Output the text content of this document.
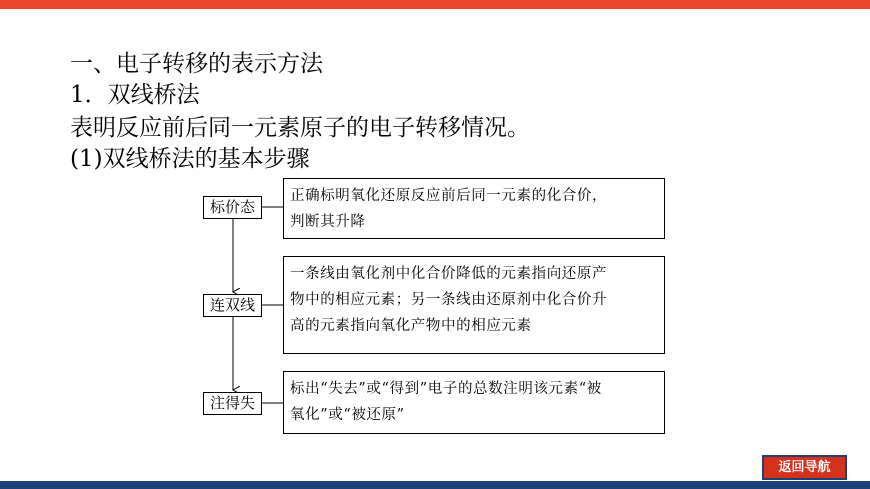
一、电子转移的表示方法
1．双线桥法
表明反应前后同一元素原子的电子转移情况。
(1)双线桥法的基本步骤
标价态
连双线
注得失
正确标明氧化还原反应前后同一元素的化合价，
判断其升降
一条线由氧化剂中化合价降低的元素指向还原产
物中的相应元素；另一条线由还原剂中化合价升
高的元素指向氧化产物中的相应元素
标出“失去”或“得到”电子的总数注明该元素“被
氧化”或“被还原”
返回导航
